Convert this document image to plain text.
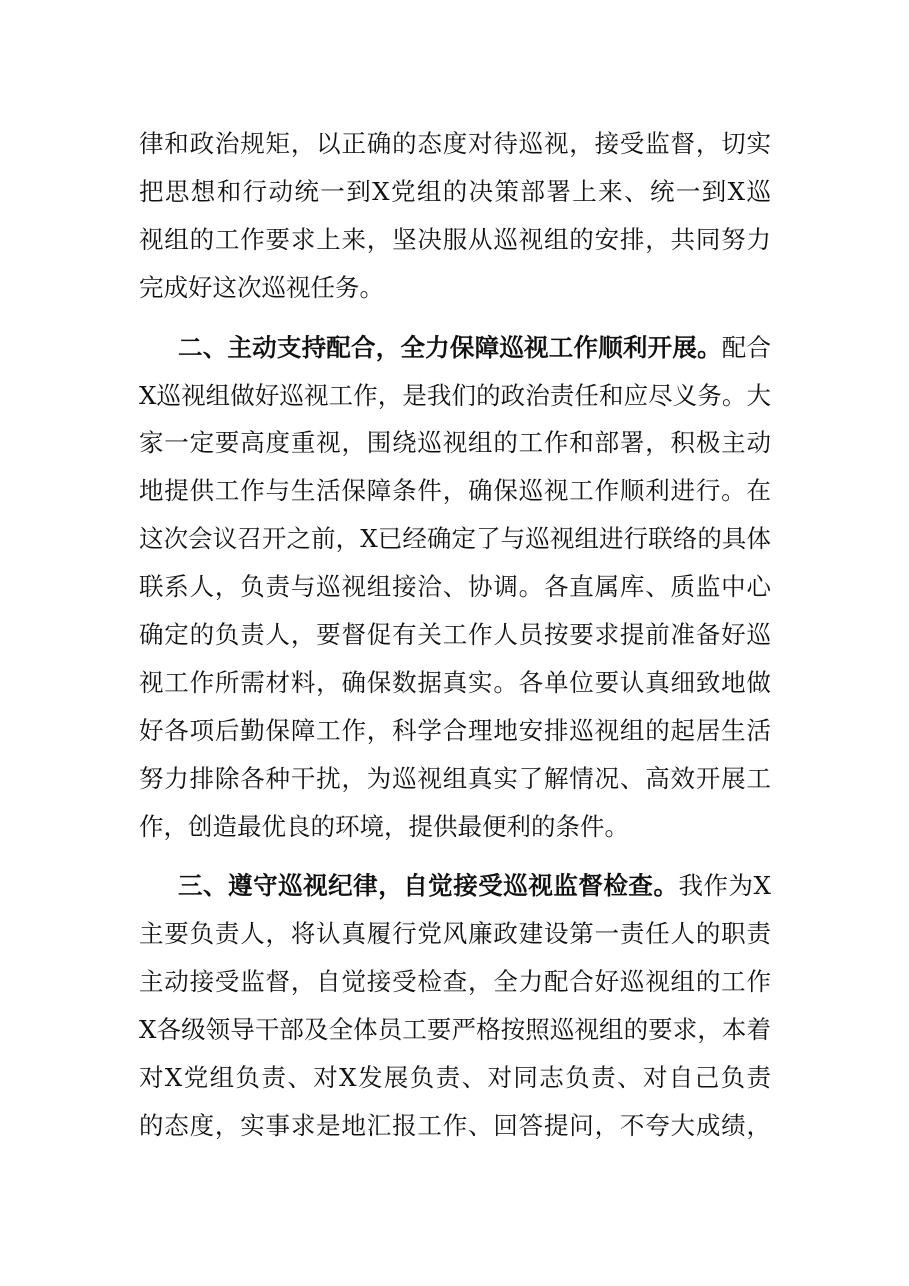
律和政治规矩，以正确的态度对待巡视，接受监督，切实
把思想和行动统一到X党组的决策部署上来、统一到X巡
视组的工作要求上来，坚决服从巡视组的安排，共同努力
完成好这次巡视任务。
二、主动支持配合，全力保障巡视工作顺利开展。配合
X巡视组做好巡视工作，是我们的政治责任和应尽义务。大
家一定要高度重视，围绕巡视组的工作和部署，积极主动
地提供工作与生活保障条件，确保巡视工作顺利进行。在
这次会议召开之前，X已经确定了与巡视组进行联络的具体
联系人，负责与巡视组接洽、协调。各直属库、质监中心
确定的负责人，要督促有关工作人员按要求提前准备好巡
视工作所需材料，确保数据真实。各单位要认真细致地做
好各项后勤保障工作，科学合理地安排巡视组的起居生活
努力排除各种干扰，为巡视组真实了解情况、高效开展工
作，创造最优良的环境，提供最便利的条件。
三、遵守巡视纪律，自觉接受巡视监督检查。我作为X
主要负责人，将认真履行党风廉政建设第一责任人的职责
主动接受监督，自觉接受检查，全力配合好巡视组的工作
X各级领导干部及全体员工要严格按照巡视组的要求，本着
对X党组负责、对X发展负责、对同志负责、对自己负责
的态度，实事求是地汇报工作、回答提问，不夸大成绩，
